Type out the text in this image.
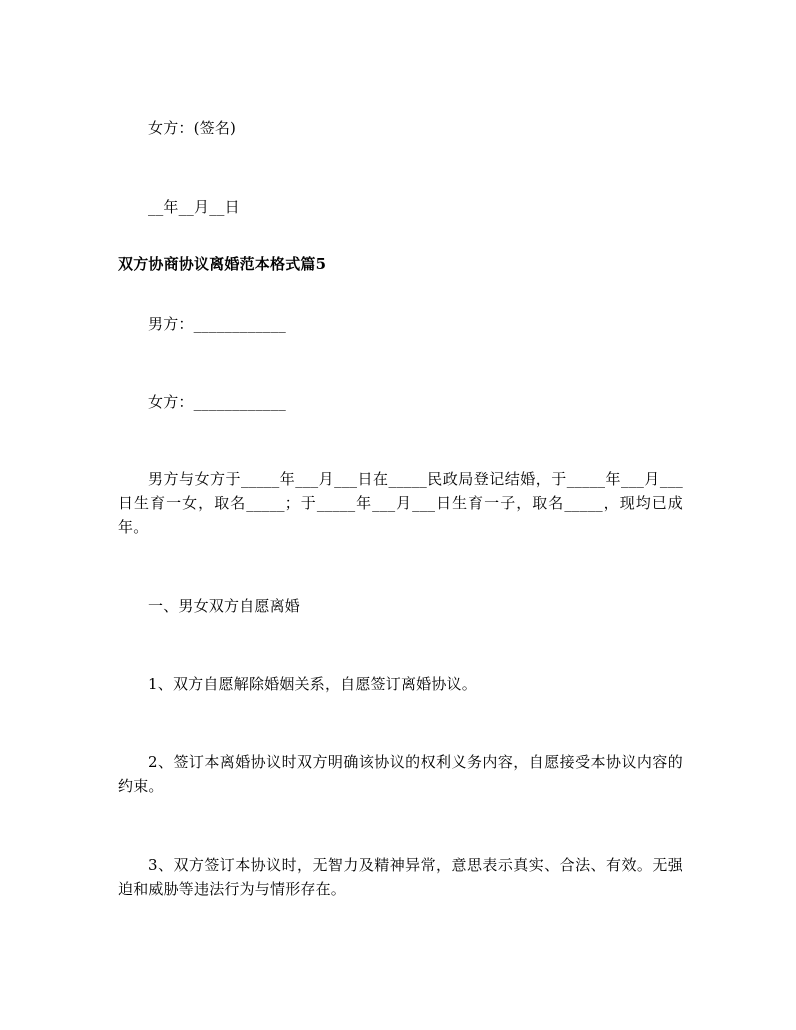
女方：(签名)
__年__月__日
双方协商协议离婚范本格式篇5
男方：____________
女方：____________
男方与女方于_____年___月___日在_____民政局登记结婚，于_____年___月___日生育一女，取名_____；于_____年___月___日生育一子，取名_____，现均已成年。
一、男女双方自愿离婚
1、双方自愿解除婚姻关系，自愿签订离婚协议。
2、签订本离婚协议时双方明确该协议的权利义务内容，自愿接受本协议内容的约束。
3、双方签订本协议时，无智力及精神异常，意思表示真实、合法、有效。无强迫和威胁等违法行为与情形存在。
